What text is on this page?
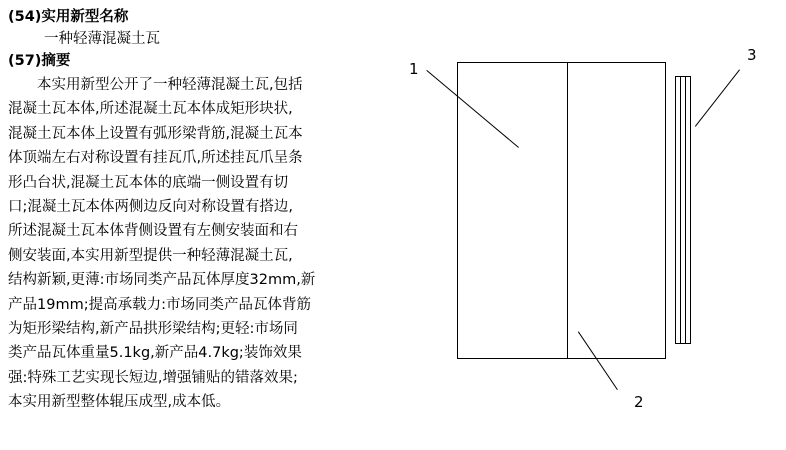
(54)实用新型名称
一种轻薄混凝土瓦
(57)摘要
本实用新型公开了一种轻薄混凝土瓦,包括
混凝土瓦本体,所述混凝土瓦本体成矩形块状,
混凝土瓦本体上设置有弧形梁背筋,混凝土瓦本
体顶端左右对称设置有挂瓦爪,所述挂瓦爪呈条
形凸台状,混凝土瓦本体的底端一侧设置有切
口;混凝土瓦本体两侧边反向对称设置有搭边,
所述混凝土瓦本体背侧设置有左侧安装面和右
侧安装面,本实用新型提供一种轻薄混凝土瓦,
结构新颖,更薄:市场同类产品瓦体厚度32mm,新
产品19mm;提高承载力:市场同类产品瓦体背筋
为矩形梁结构,新产品拱形梁结构;更轻:市场同
类产品瓦体重量5.1kg,新产品4.7kg;装饰效果
强:特殊工艺实现长短边,增强铺贴的错落效果;
本实用新型整体辊压成型,成本低。
1
2
3
